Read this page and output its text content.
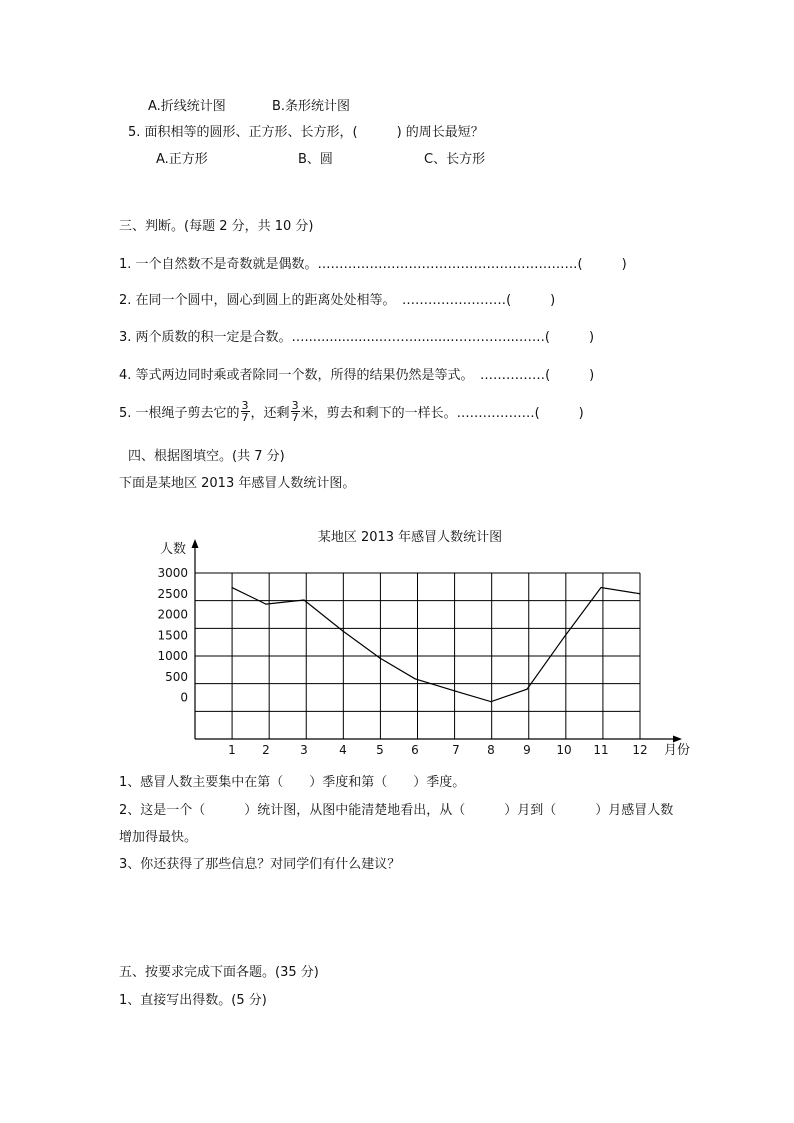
A.折线统计图	B.条形统计图
5. 面积相等的圆形、正方形、长方形，(　　　) 的周长最短？
A.正方形	B、圆	C、长方形
三、判断。(每题 2 分，共 10 分)
1. 一个自然数不是奇数就是偶数。……………………………………………………(　　　)
2. 在同一个圆中，圆心到圆上的距离处处相等。　……………………(　　　)
3. 两个质数的积一定是合数。…...................……...........…………...……(　　　)
4. 等式两边同时乘或者除同一个数，所得的结果仍然是等式。　……………(　　　)
5. 一根绳子剪去它的 $\frac{3}{7}$ ，还剩 $\frac{3}{7}$ 米，剪去和剩下的一样长。………………(　　　)
四、根据图填空。(共 7 分)
下面是某地区 2013 年感冒人数统计图。
某地区 2013 年感冒人数统计图
人数
月份
3000
2500
2000
1500
1000
500
0
1 2	3	4 5 6	7 8 9 10 11 12
1、感冒人数主要集中在第（　　）季度和第（　　）季度。
2、这是一个（　　　）统计图，从图中能清楚地看出，从（　　　）月到（　　　）月感冒人数
增加得最快。
3、你还获得了那些信息？对同学们有什么建议？
五、按要求完成下面各题。(35 分)
1、直接写出得数。(5 分)
